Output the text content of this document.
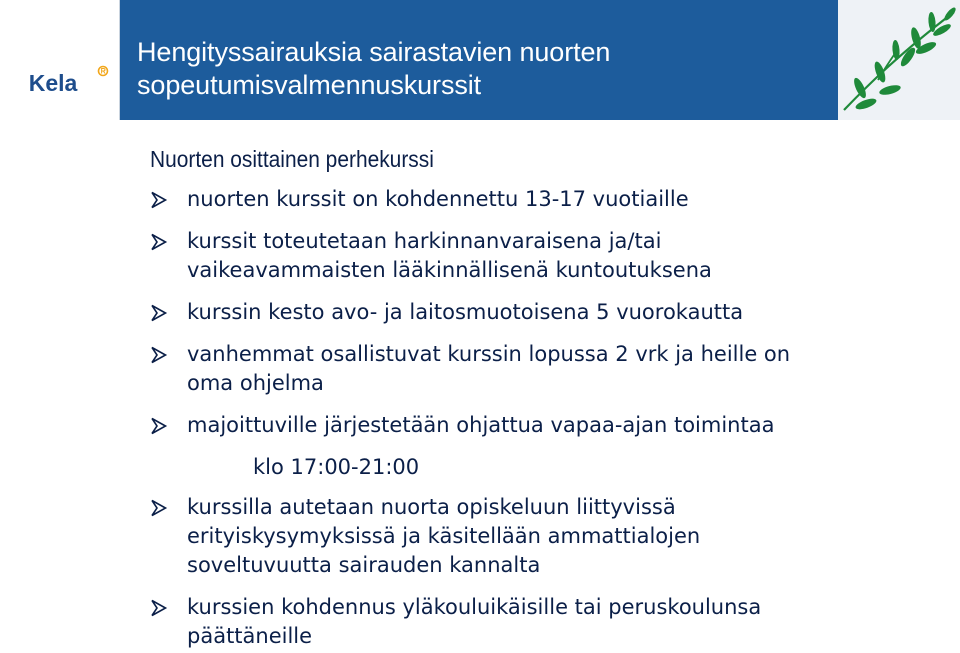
Kela
Hengityssairauksia sairastavien nuorten
sopeutumisvalmennuskurssit
Nuorten osittainen perhekurssi
nuorten kurssit on kohdennettu 13-17 vuotiaille
kurssit toteutetaan harkinnanvaraisena ja/tai
vaikeavammaisten lääkinnällisenä kuntoutuksena
kurssin kesto avo- ja laitosmuotoisena 5 vuorokautta
vanhemmat osallistuvat kurssin lopussa 2 vrk ja heille on
oma ohjelma
majoittuville järjestetään ohjattua vapaa-ajan toimintaa
klo 17:00-21:00
kurssilla autetaan nuorta opiskeluun liittyvissä
erityiskysymyksissä ja käsitellään ammattialojen
soveltuvuutta sairauden kannalta
kurssien kohdennus yläkouluikäisille tai peruskoulunsa
päättäneille
